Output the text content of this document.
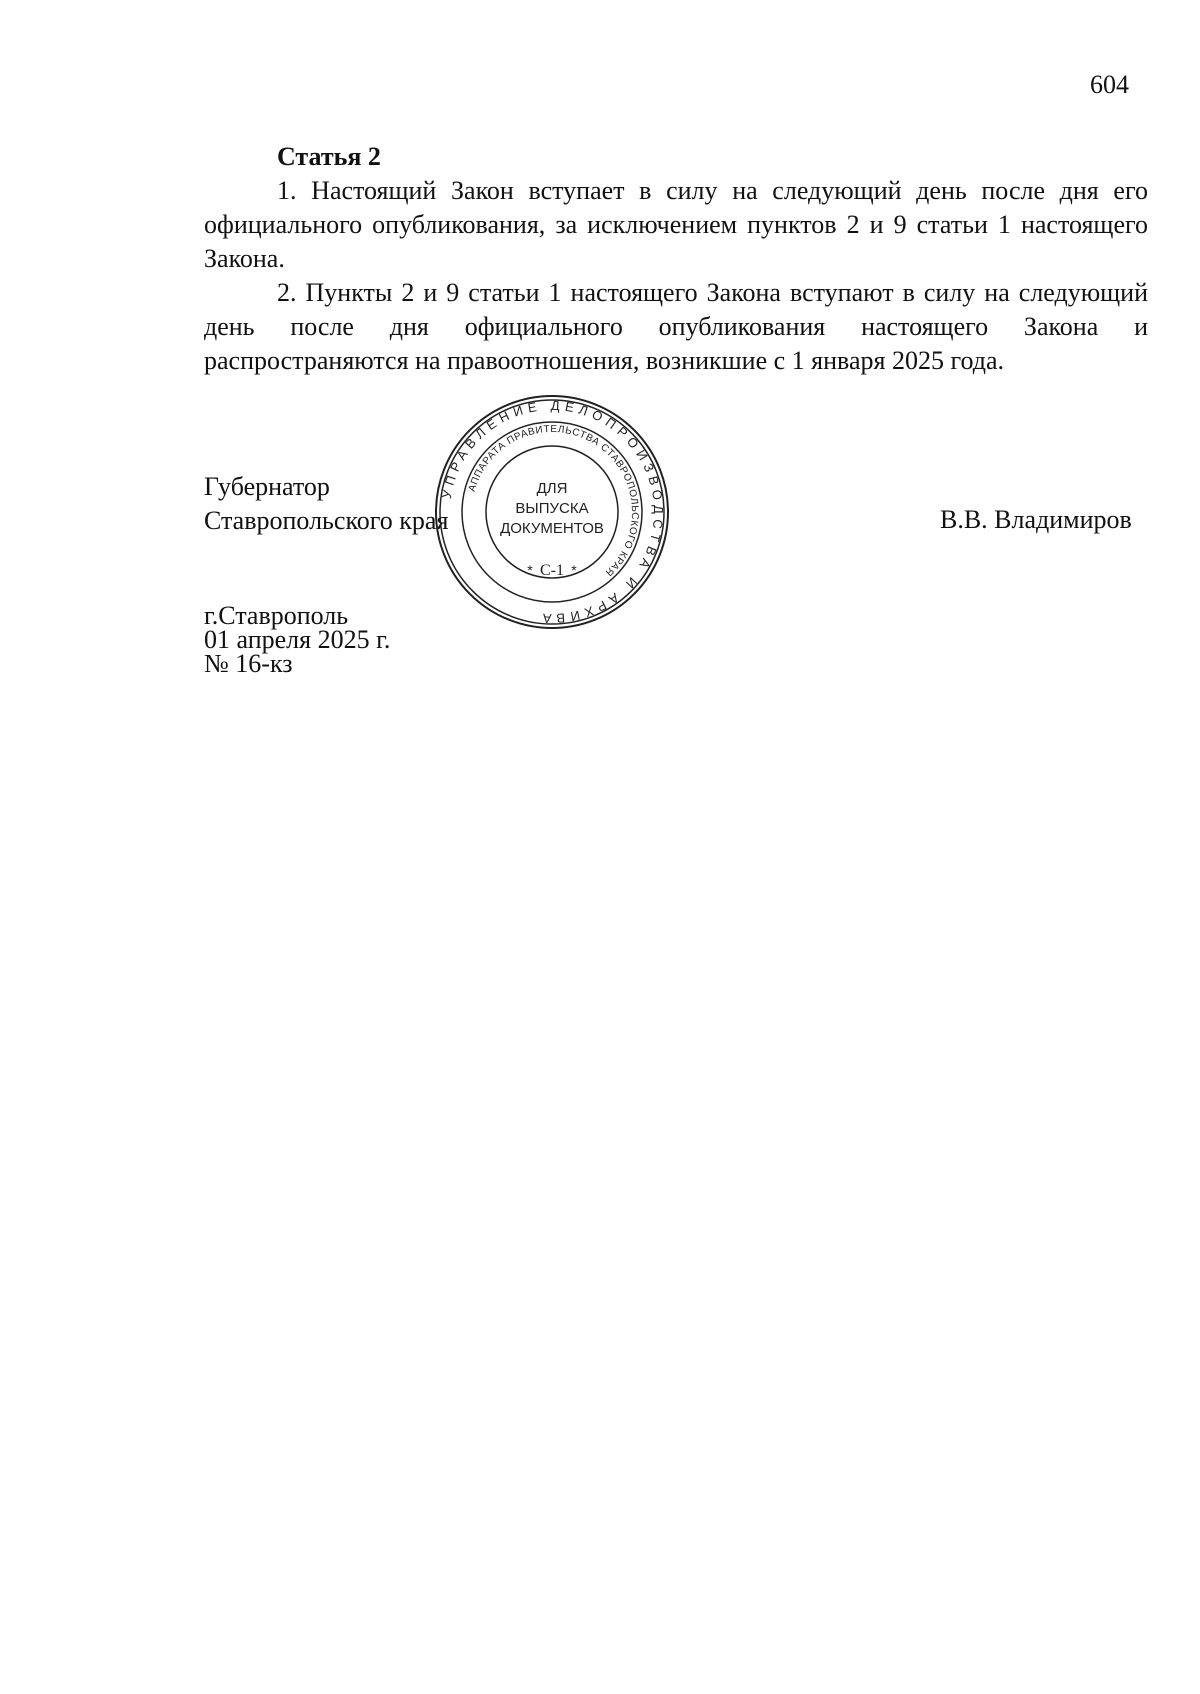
604
Статья 2

1. Настоящий Закон вступает в силу на следующий день после дня его официального опубликования, за исключением пунктов 2 и 9 статьи 1 настоящего Закона.

2. Пункты 2 и 9 статьи 1 настоящего Закона вступают в силу на следующий день после дня официального опубликования настоящего Закона и распространяются на правоотношения, возникшие с 1 января 2025 года.

Губернатор
Ставропольского края	В.В. Владимиров
г.Ставрополь
01 апреля 2025 г.
№ 16-кз
УПРАВЛЕНИЕ ДЕЛОПРОИЗВОДСТВА И АРХИВА
АППАРАТА ПРАВИТЕЛЬСТВА СТАВРОПОЛЬСКОГО КРАЯ
ДЛЯ
ВЫПУСКА
ДОКУМЕНТОВ
С-1
*	*
